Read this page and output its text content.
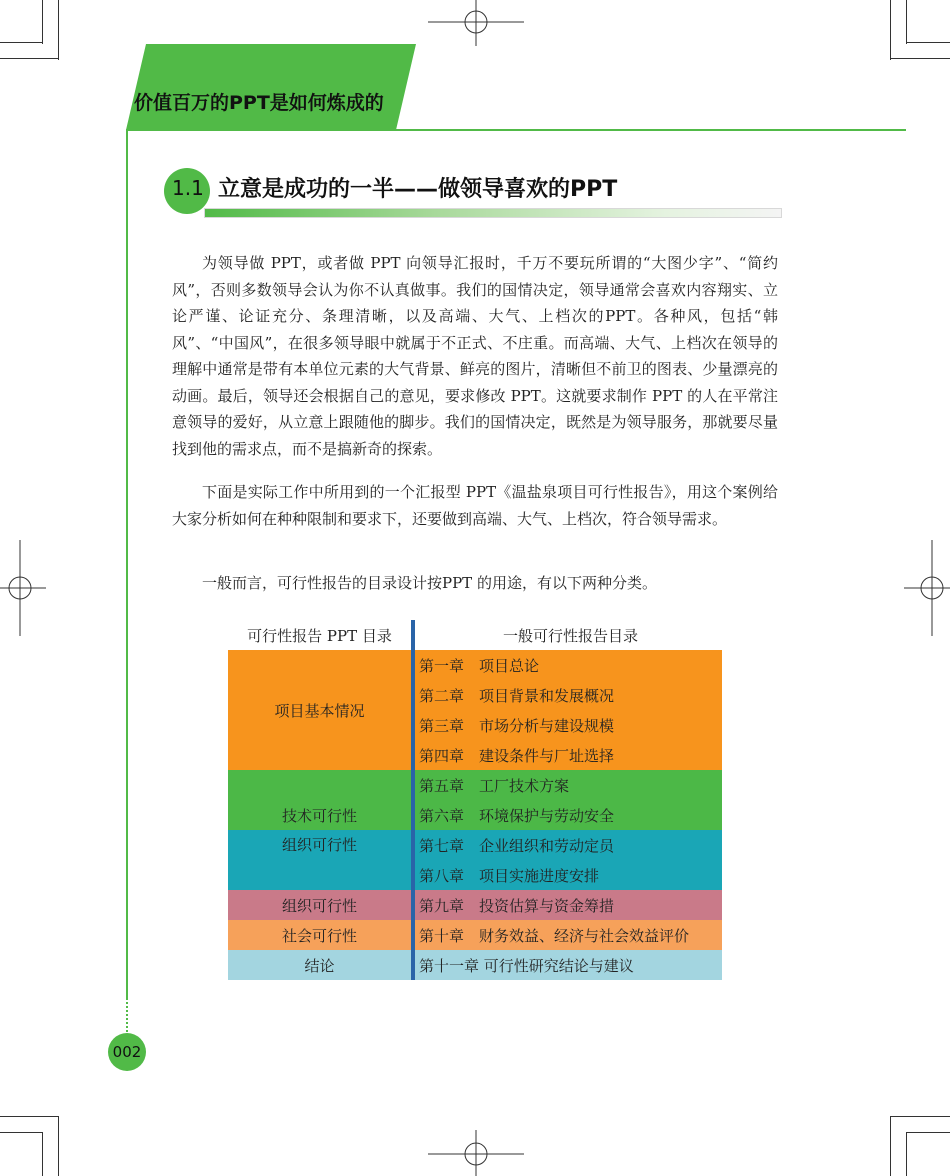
价值百万的PPT是如何炼成的
1.1 立意是成功的一半——做领导喜欢的PPT

为领导做 PPT，或者做 PPT 向领导汇报时，千万不要玩所谓的“大图少字”、“简约风”，否则多数领导会认为你不认真做事。我们的国情决定，领导通常会喜欢内容翔实、立论严谨、论证充分、条理清晰，以及高端、大气、上档次的PPT。各种风，包括“韩风”、“中国风”，在很多领导眼中就属于不正式、不庄重。而高端、大气、上档次在领导的理解中通常是带有本单位元素的大气背景、鲜亮的图片，清晰但不前卫的图表、少量漂亮的动画。最后，领导还会根据自己的意见，要求修改 PPT。这就要求制作 PPT 的人在平常注意领导的爱好，从立意上跟随他的脚步。我们的国情决定，既然是为领导服务，那就要尽量找到他的需求点，而不是搞新奇的探索。

下面是实际工作中所用到的一个汇报型 PPT《温盐泉项目可行性报告》，用这个案例给大家分析如何在种种限制和要求下，还要做到高端、大气、上档次，符合领导需求。

一般而言，可行性报告的目录设计按PPT 的用途，有以下两种分类。

可行性报告 PPT 目录		一般可行性报告目录
项目基本情况		第一章　项目总论
		第二章　项目背景和发展概况
		第三章　市场分析与建设规模
		第四章　建设条件与厂址选择
技术可行性		第五章　工厂技术方案
		第六章　环境保护与劳动安全
组织可行性		第七章　企业组织和劳动定员
		第八章　项目实施进度安排
组织可行性		第九章　投资估算与资金筹措
社会可行性		第十章　财务效益、经济与社会效益评价
结论		第十一章 可行性研究结论与建议
002
